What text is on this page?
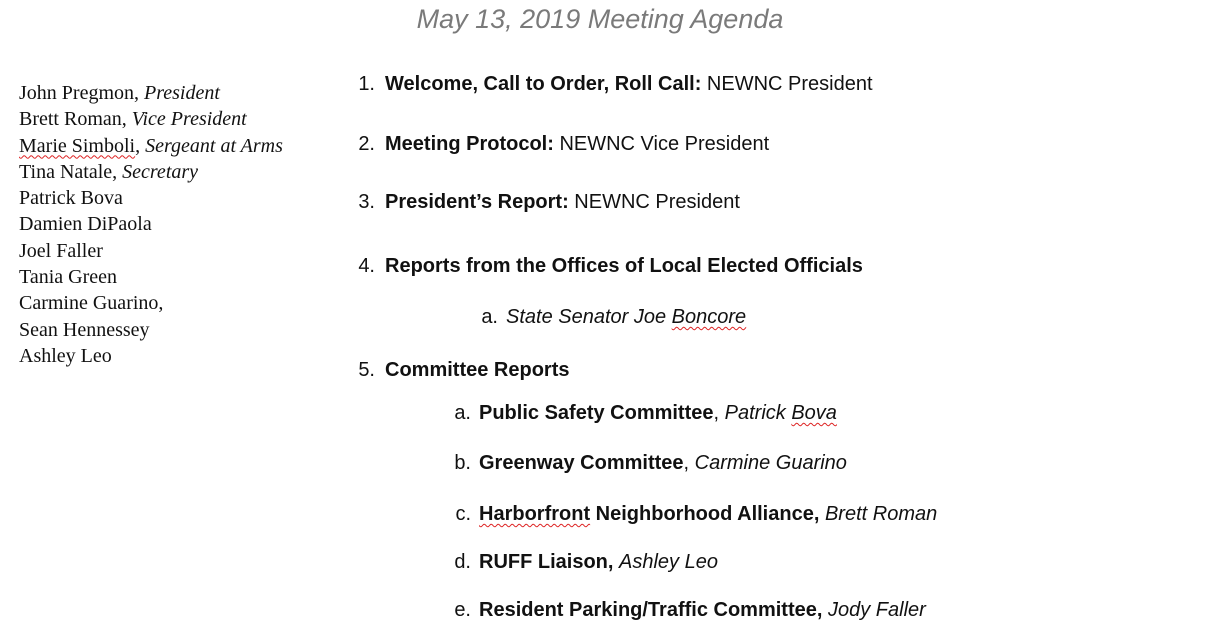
May 13, 2019 Meeting Agenda
John Pregmon, President
Brett Roman, Vice President
Marie Simboli, Sergeant at Arms
Tina Natale, Secretary
Patrick Bova
Damien DiPaola
Joel Faller
Tania Green
Carmine Guarino,
Sean Hennessey
Ashley Leo
1. Welcome, Call to Order, Roll Call: NEWNC President
2. Meeting Protocol: NEWNC Vice President
3. President’s Report: NEWNC President
4. Reports from the Offices of Local Elected Officials
a. State Senator Joe Boncore
5. Committee Reports
a. Public Safety Committee, Patrick Bova
b. Greenway Committee, Carmine Guarino
c. Harborfront Neighborhood Alliance, Brett Roman
d. RUFF Liaison, Ashley Leo
e. Resident Parking/Traffic Committee, Jody Faller
